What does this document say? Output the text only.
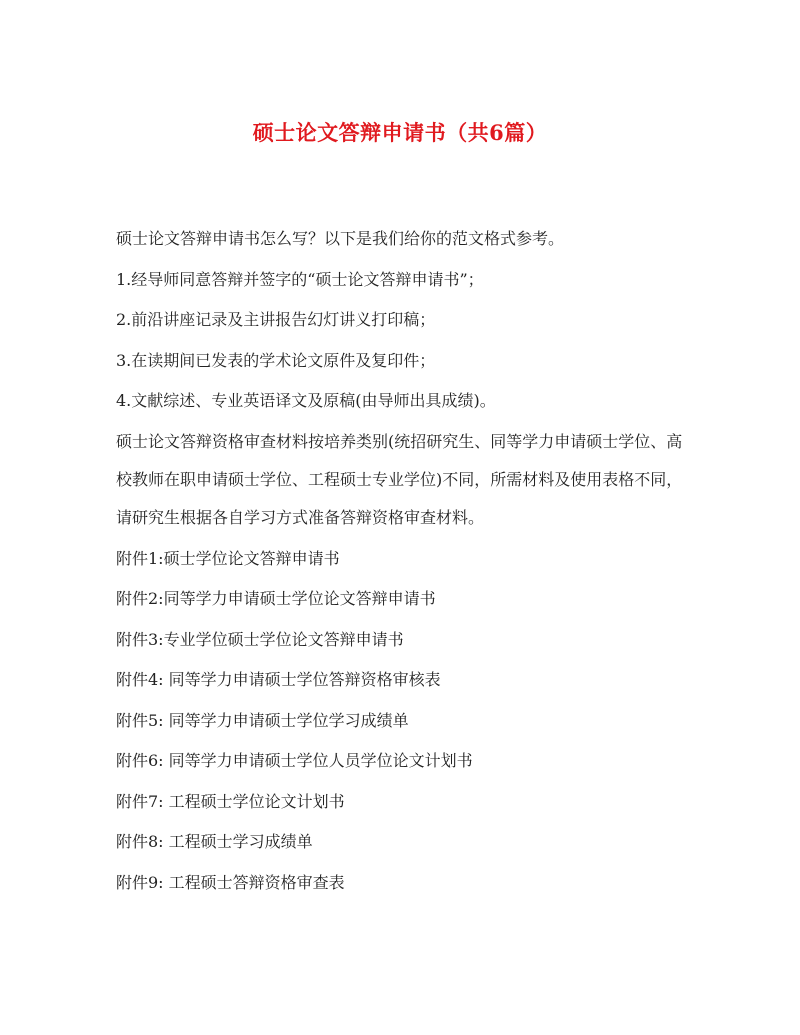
硕士论文答辩申请书（共6篇）

硕士论文答辩申请书怎么写？以下是我们给你的范文格式参考。

1.经导师同意答辩并签字的“硕士论文答辩申请书”；

2.前沿讲座记录及主讲报告幻灯讲义打印稿；

3.在读期间已发表的学术论文原件及复印件；

4.文献综述、专业英语译文及原稿(由导师出具成绩)。

硕士论文答辩资格审查材料按培养类别(统招研究生、同等学力申请硕士学位、高校教师在职申请硕士学位、工程硕士专业学位)不同，所需材料及使用表格不同，请研究生根据各自学习方式准备答辩资格审查材料。

附件1:硕士学位论文答辩申请书

附件2:同等学力申请硕士学位论文答辩申请书

附件3:专业学位硕士学位论文答辩申请书

附件4: 同等学力申请硕士学位答辩资格审核表

附件5: 同等学力申请硕士学位学习成绩单

附件6: 同等学力申请硕士学位人员学位论文计划书

附件7: 工程硕士学位论文计划书

附件8: 工程硕士学习成绩单

附件9: 工程硕士答辩资格审查表
